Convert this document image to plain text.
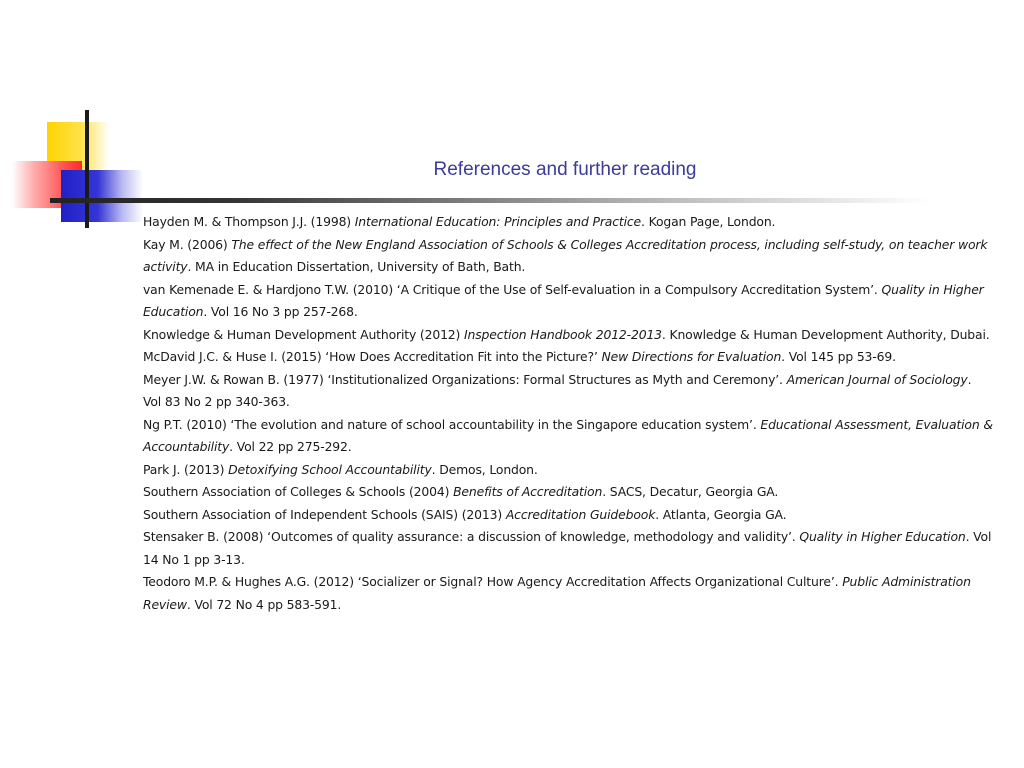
References and further reading

Hayden M. & Thompson J.J. (1998) International Education: Principles and Practice. Kogan Page, London.

Kay M. (2006) The effect of the New England Association of Schools & Colleges Accreditation process, including self-study, on teacher work activity. MA in Education Dissertation, University of Bath, Bath.

van Kemenade E. & Hardjono T.W. (2010) ‘A Critique of the Use of Self-evaluation in a Compulsory Accreditation System’. Quality in Higher Education. Vol 16 No 3 pp 257-268.

Knowledge & Human Development Authority (2012) Inspection Handbook 2012-2013. Knowledge & Human Development Authority, Dubai.

McDavid J.C. & Huse I. (2015) ‘How Does Accreditation Fit into the Picture?’ New Directions for Evaluation. Vol 145 pp 53-69.

Meyer J.W. & Rowan B. (1977) ‘Institutionalized Organizations: Formal Structures as Myth and Ceremony’. American Journal of Sociology. Vol 83 No 2 pp 340-363.

Ng P.T. (2010) ‘The evolution and nature of school accountability in the Singapore education system’. Educational Assessment, Evaluation & Accountability. Vol 22 pp 275-292.

Park J. (2013) Detoxifying School Accountability. Demos, London.

Southern Association of Colleges & Schools (2004) Benefits of Accreditation. SACS, Decatur, Georgia GA.

Southern Association of Independent Schools (SAIS) (2013) Accreditation Guidebook. Atlanta, Georgia GA.

Stensaker B. (2008) ‘Outcomes of quality assurance: a discussion of knowledge, methodology and validity’. Quality in Higher Education. Vol 14 No 1 pp 3-13.

Teodoro M.P. & Hughes A.G. (2012) ‘Socializer or Signal? How Agency Accreditation Affects Organizational Culture’. Public Administration Review. Vol 72 No 4 pp 583-591.
